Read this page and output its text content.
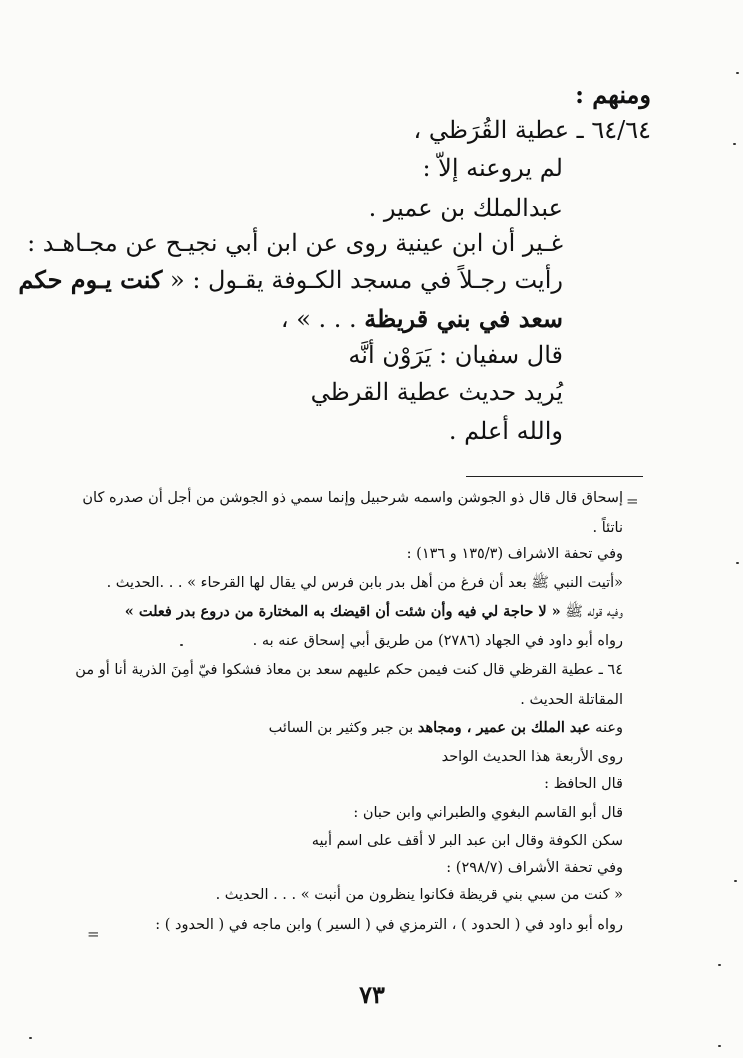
ومنهم :
٦٤/٦٤ ـ عطية القُرَظي ،
لم يروعنه إلاّ :
عبدالملك بن عمير .
غـير أن ابن عينية روى عن ابن أبي نجيـح عن مجـاهـد :
رأيت رجـلاً في مسجد الكـوفة يقـول : « كنت يـوم حكم
سعد في بني قريظة . . . » ،
قال سفيان : يَرَوْن أنَّه
يُريد حديث عطية القرظي
والله أعلم .
=
إسحاق قال قال ذو الجوشن واسمه شرحبيل وإنما سمي ذو الجوشن من أجل أن صدره كان
ناتئاً .
وفي تحفة الاشراف (١٣٥/٣ و ١٣٦) :
«أتيت النبي ﷺ بعد أن فرغ من أهل بدر بابن فرس لي يقال لها القرحاء » . . .الحديث .
وفيه قوله ﷺ « لا حاجة لي فيه وأن شئت أن اقيضك به المختارة من دروع بدر فعلت »
رواه أبو داود في الجهاد (٢٧٨٦) من طريق أبي إسحاق عنه به .
٦٤ ـ عطية القرظي قال كنت فيمن حكم عليهم سعد بن معاذ فشكوا فيّ أمِنَ الذرية أنا أو من
المقاتلة الحديث .
وعنه عبد الملك بن عمير ، ومجاهد بن جبر وكثير بن السائب
روى الأربعة هذا الحديث الواحد
قال الحافظ :
قال أبو القاسم البغوي والطبراني وابن حبان :
سكن الكوفة وقال ابن عبد البر لا أقف على اسم أبيه
وفي تحفة الأشراف (٢٩٨/٧) :
« كنت من سبي بني قريظة فكانوا ينظرون من أنبت » . . . الحديث .
رواه أبو داود في ( الحدود ) ، الترمزي في ( السير ) وابن ماجه في ( الحدود ) :
=
٧٣
